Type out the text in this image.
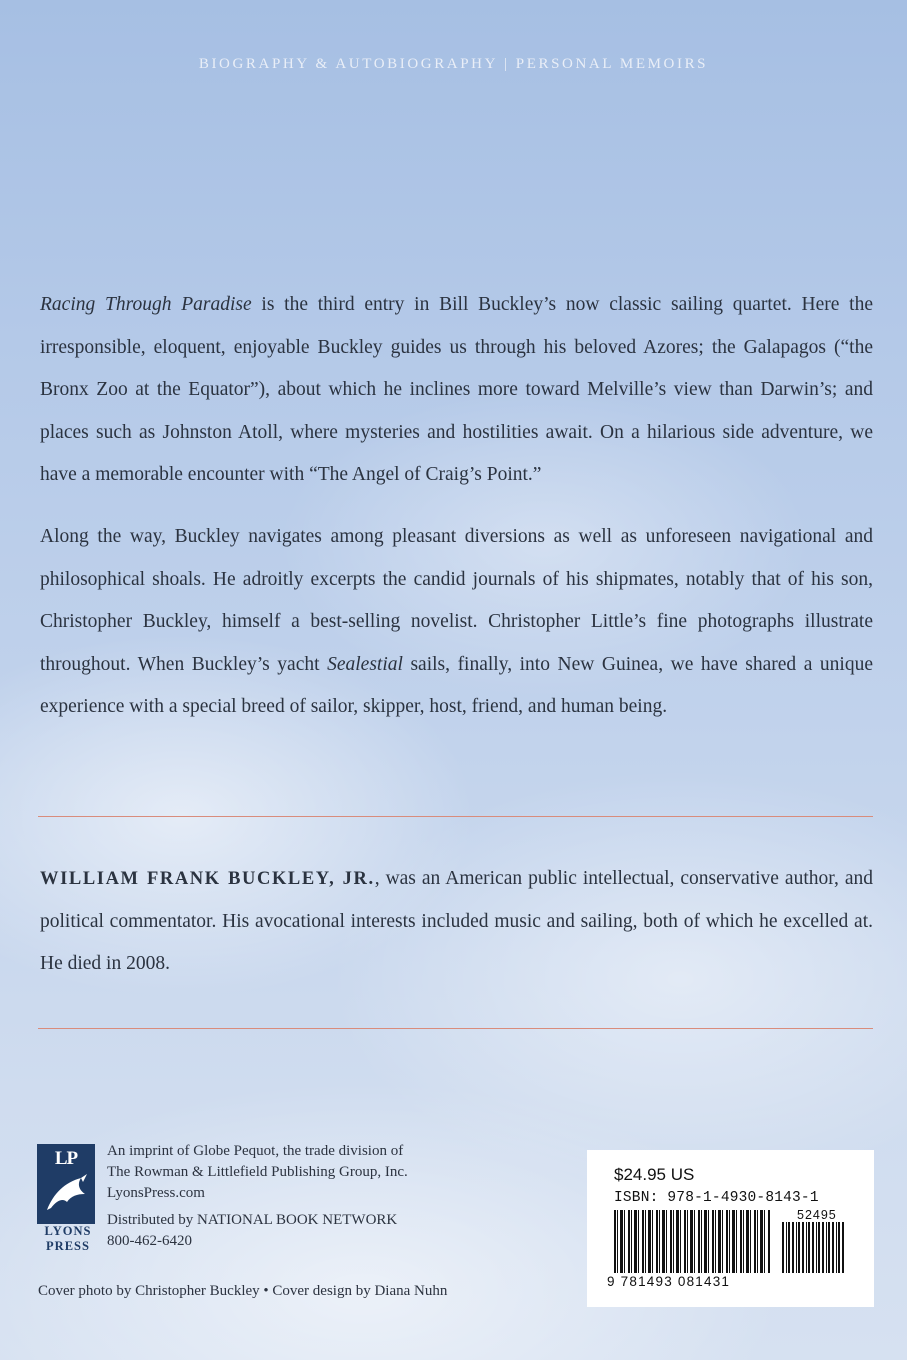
BIOGRAPHY & AUTOBIOGRAPHY | PERSONAL MEMOIRS

Racing Through Paradise is the third entry in Bill Buckley’s now classic sailing quartet. Here the irresponsible, eloquent, enjoyable Buckley guides us through his beloved Azores; the Galapagos (“the Bronx Zoo at the Equator”), about which he inclines more toward Melville’s view than Darwin’s; and places such as Johnston Atoll, where mysteries and hostilities await. On a hilarious side adventure, we have a memorable encounter with “The Angel of Craig’s Point.”

Along the way, Buckley navigates among pleasant diversions as well as unforeseen navigational and philosophical shoals. He adroitly excerpts the candid journals of his shipmates, notably that of his son, Christopher Buckley, himself a best-selling novelist. Christopher Little’s fine photographs illustrate throughout. When Buckley’s yacht Sealestial sails, finally, into New Guinea, we have shared a unique experience with a special breed of sailor, skipper, host, friend, and human being.

WILLIAM FRANK BUCKLEY, JR., was an American public intellectual, conservative author, and political commentator. His avocational interests included music and sailing, both of which he excelled at. He died in 2008.

LP
LYONS
PRESS
An imprint of Globe Pequot, the trade division of
The Rowman & Littlefield Publishing Group, Inc.
LyonsPress.com
Distributed by NATIONAL BOOK NETWORK
800-462-6420
Cover photo by Christopher Buckley • Cover design by Diana Nuhn
$24.95 US
ISBN: 978-1-4930-8143-1
52495
9 781493 081431
